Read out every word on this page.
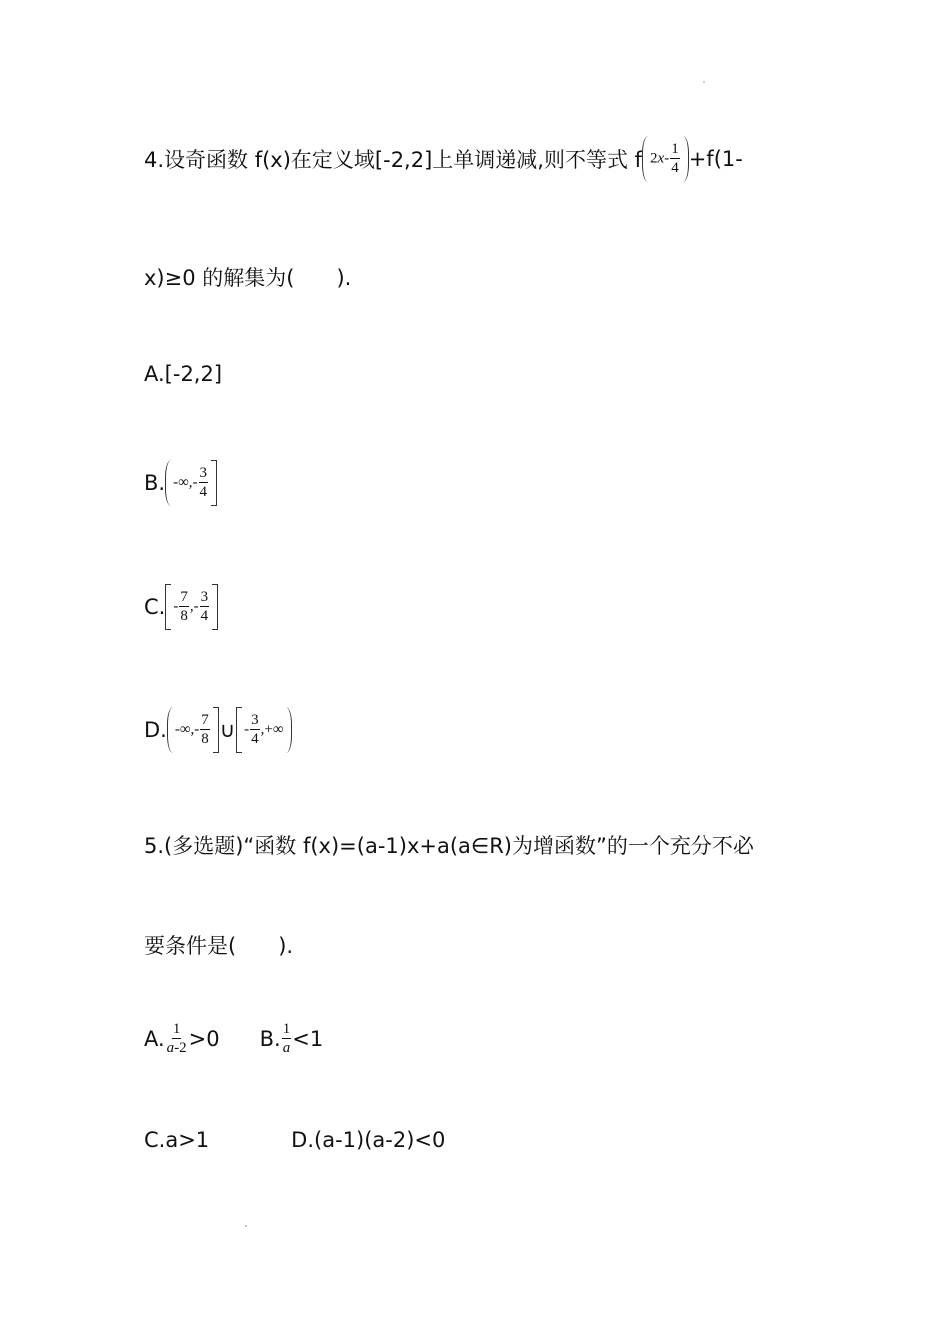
4.设奇函数 f(x)在定义域[-2,2]上单调递减,则不等式 f $2x- \frac{1}{4} +f(1-$
x)≥0 的解集为(  ).
A.[-2,2]
B. -∞,- $\frac{3}{4}$
C. - $\frac{7}{8}$ ,- $\frac{3}{4}$
D. -∞,- $\frac{7}{8}$ ∪ - $\frac{3}{4}$ ,+∞
5.(多选题)“函数 f(x)=(a-1)x+a(a∈R)为增函数”的一个充分不必
要条件是(  ).
A. $\frac{1}{a-2} >0$ B. $\frac{1}{a} <1$
C.a>1	D.(a-1)(a-2)<0
